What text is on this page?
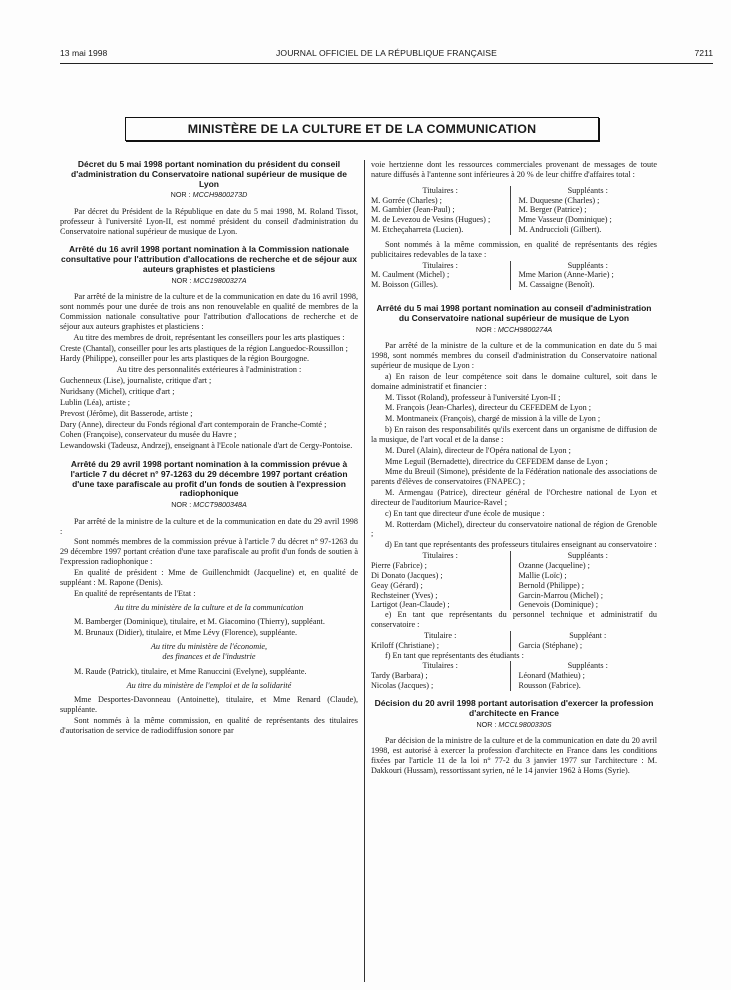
13 mai 1998	JOURNAL OFFICIEL DE LA RÉPUBLIQUE FRANÇAISE	7211
MINISTÈRE DE LA CULTURE ET DE LA COMMUNICATION
Décret du 5 mai 1998 portant nomination du président du conseil d'administration du Conservatoire national supérieur de musique de Lyon
NOR : MCCH9800273D

Par décret du Président de la République en date du 5 mai 1998, M. Roland Tissot, professeur à l'université Lyon-II, est nommé président du conseil d'administration du Conservatoire national supérieur de musique de Lyon.

Arrêté du 16 avril 1998 portant nomination à la Commission nationale consultative pour l'attribution d'allocations de recherche et de séjour aux auteurs graphistes et plasticiens
NOR : MCC19800327A

Par arrêté de la ministre de la culture et de la communication en date du 16 avril 1998, sont nommés pour une durée de trois ans non renouvelable en qualité de membres de la Commission nationale consultative pour l'attribution d'allocations de recherche et de séjour aux auteurs graphistes et plasticiens :

Au titre des membres de droit, représentant les conseillers pour les arts plastiques :

Creste (Chantal), conseiller pour les arts plastiques de la région Languedoc-Roussillon ;

Hardy (Philippe), conseiller pour les arts plastiques de la région Bourgogne.

Au titre des personnalités extérieures à l'administration :

Guchenneux (Lise), journaliste, critique d'art ;

Nuridsany (Michel), critique d'art ;

Lublin (Léa), artiste ;

Prevost (Jérôme), dit Basserode, artiste ;

Dary (Anne), directeur du Fonds régional d'art contemporain de Franche-Comté ;

Cohen (Françoise), conservateur du musée du Havre ;

Lewandowski (Tadeusz, Andrzej), enseignant à l'Ecole nationale d'art de Cergy-Pontoise.

Arrêté du 29 avril 1998 portant nomination à la commission prévue à l'article 7 du décret n° 97-1263 du 29 décembre 1997 portant création d'une taxe parafiscale au profit d'un fonds de soutien à l'expression radiophonique
NOR : MCCT9800348A

Par arrêté de la ministre de la culture et de la communication en date du 29 avril 1998 :

Sont nommés membres de la commission prévue à l'article 7 du décret n° 97-1263 du 29 décembre 1997 portant création d'une taxe parafiscale au profit d'un fonds de soutien à l'expression radiophonique :

En qualité de président : Mme de Guillenchmidt (Jacqueline) et, en qualité de suppléant : M. Rapone (Denis).

En qualité de représentants de l'Etat :

Au titre du ministère de la culture et de la communication

M. Bamberger (Dominique), titulaire, et M. Giacomino (Thierry), suppléant.

M. Brunaux (Didier), titulaire, et Mme Lévy (Florence), suppléante.

Au titre du ministère de l'économie,

des finances et de l'industrie

M. Raude (Patrick), titulaire, et Mme Ranuccini (Evelyne), suppléante.

Au titre du ministère de l'emploi et de la solidarité

Mme Desportes-Davonneau (Antoinette), titulaire, et Mme Renard (Claude), suppléante.

Sont nommés à la même commission, en qualité de représentants des titulaires d'autorisation de service de radiodiffusion sonore par

voie hertzienne dont les ressources commerciales provenant de messages de toute nature diffusés à l'antenne sont inférieures à 20 % de leur chiffre d'affaires total :

Titulaires :
M. Gorrée (Charles) ;
M. Gambier (Jean-Paul) ;
M. de Levezou de Vesins (Hugues) ;
M. Etcheçaharreta (Lucien).
Suppléants :
M. Duquesne (Charles) ;
M. Berger (Patrice) ;
Mme Vasseur (Dominique) ;
M. Andruccioli (Gilbert).

Sont nommés à la même commission, en qualité de représentants des régies publicitaires redevables de la taxe :

Titulaires :
M. Caulment (Michel) ;
M. Boisson (Gilles).
Suppléants :
Mme Marion (Anne-Marie) ;
M. Cassaigne (Benoît).
Arrêté du 5 mai 1998 portant nomination au conseil d'administration du Conservatoire national supérieur de musique de Lyon
NOR : MCCH9800274A

Par arrêté de la ministre de la culture et de la communication en date du 5 mai 1998, sont nommés membres du conseil d'administration du Conservatoire national supérieur de musique de Lyon :

a) En raison de leur compétence soit dans le domaine culturel, soit dans le domaine administratif et financier :

M. Tissot (Roland), professeur à l'université Lyon-II ;

M. François (Jean-Charles), directeur du CEFEDEM de Lyon ;

M. Montmaneix (François), chargé de mission à la ville de Lyon ;

b) En raison des responsabilités qu'ils exercent dans un organisme de diffusion de la musique, de l'art vocal et de la danse :

M. Durel (Alain), directeur de l'Opéra national de Lyon ;

Mme Leguil (Bernadette), directrice du CEFEDEM danse de Lyon ;

Mme du Breuil (Simone), présidente de la Fédération nationale des associations de parents d'élèves de conservatoires (FNAPEC) ;

M. Armengau (Patrice), directeur général de l'Orchestre national de Lyon et directeur de l'auditorium Maurice-Ravel ;

c) En tant que directeur d'une école de musique :

M. Rotterdam (Michel), directeur du conservatoire national de région de Grenoble ;

d) En tant que représentants des professeurs titulaires enseignant au conservatoire :

Titulaires :
Pierre (Fabrice) ;
Di Donato (Jacques) ;
Geay (Gérard) ;
Rechsteiner (Yves) ;
Lartigot (Jean-Claude) ;
Suppléants :
Ozanne (Jacqueline) ;
Mallie (Loïc) ;
Bernold (Philippe) ;
Garcin-Marrou (Michel) ;
Genevois (Dominique) ;

e) En tant que représentants du personnel technique et administratif du conservatoire :

Titulaire :
Kriloff (Christiane) ;
Suppléant :
Garcia (Stéphane) ;

f) En tant que représentants des étudiants :

Titulaires :
Tardy (Barbara) ;
Nicolas (Jacques) ;
Suppléants :
Léonard (Mathieu) ;
Rousson (Fabrice).
Décision du 20 avril 1998 portant autorisation d'exercer la profession d'architecte en France
NOR : MCCL9800330S

Par décision de la ministre de la culture et de la communication en date du 20 avril 1998, est autorisé à exercer la profession d'architecte en France dans les conditions fixées par l'article 11 de la loi n° 77-2 du 3 janvier 1977 sur l'architecture : M. Dakkouri (Hussam), ressortissant syrien, né le 14 janvier 1962 à Homs (Syrie).
